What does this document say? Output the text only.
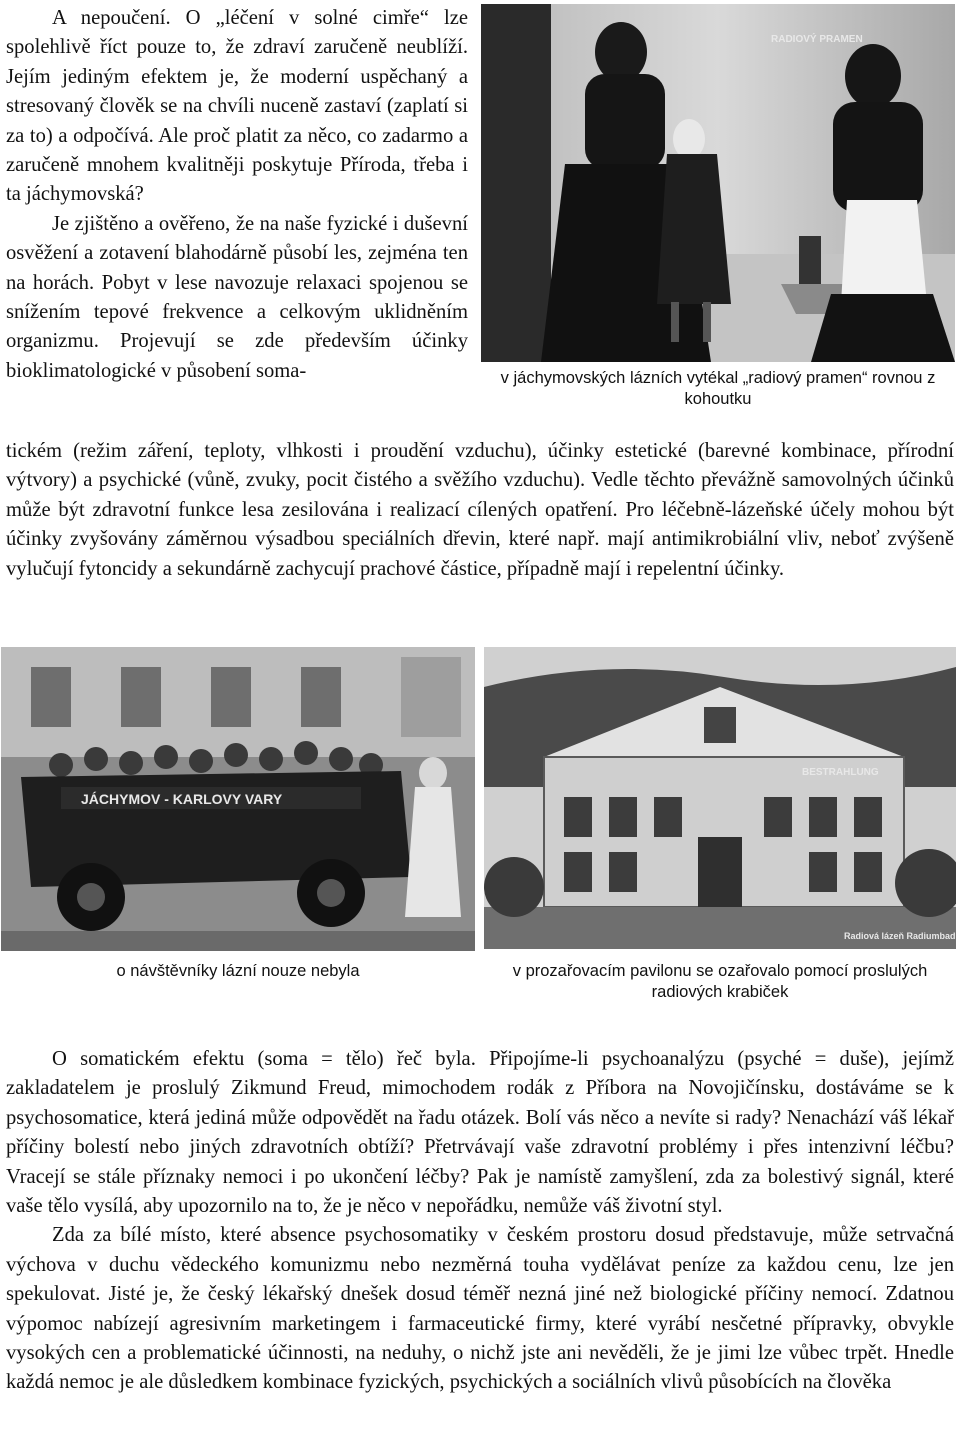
A nepoučení. O „léčení v solné cimře“ lze spolehlivě říct pouze to, že zdraví zaručeně neublíží. Jejím jediným efektem je, že moderní uspěchaný a stresovaný člověk se na chvíli nuceně zastaví (zaplatí si za to) a odpočívá. Ale proč platit za něco, co zadarmo a zaručeně mnohem kvalitněji poskytuje Příroda, třeba i ta jáchymovská?

Je zjištěno a ověřeno, že na naše fyzické i duševní osvěžení a zotavení blahodárně působí les, zejména ten na horách. Pobyt v lese navozuje relaxaci spojenou se snížením tepové frekvence a celkovým uklidněním organizmu. Projevují se zde především účinky bioklimatologické v působení soma-

RADIOVÝ PRAMEN
v jáchymovských lázních vytékal „radiový pramen“ rovnou z kohoutku

tickém (režim záření, teploty, vlhkosti i proudění vzduchu), účinky estetické (barevné kombinace, přírodní výtvory) a psychické (vůně, zvuky, pocit čistého a svěžího vzduchu). Vedle těchto převážně samovolných účinků může být zdravotní funkce lesa zesilována i realizací cílených opatření. Pro léčebně-lázeňské účely mohou být účinky zvyšovány záměrnou výsadbou speciálních dřevin, které např. mají antimikrobiální vliv, neboť zvýšeně vylučují fytoncidy a sekundárně zachycují prachové částice, případně mají i repelentní účinky.

JÁCHYMOV - KARLOVY VARY
o návštěvníky lázní nouze nebyla
BESTRAHLUNG
Radiová lázeň Radiumbad
v prozařovacím pavilonu se ozařovalo pomocí proslulých radiových krabiček

O somatickém efektu (soma = tělo) řeč byla. Připojíme-li psychoanalýzu (psyché = duše), jejímž zakladatelem je proslulý Zikmund Freud, mimochodem rodák z Příbora na Novojičínsku, dostáváme se k psychosomatice, která jediná může odpovědět na řadu otázek. Bolí vás něco a nevíte si rady? Nenachází váš lékař příčiny bolestí nebo jiných zdravotních obtíží? Přetrvávají vaše zdravotní problémy i přes intenzivní léčbu? Vracejí se stále příznaky nemoci i po ukončení léčby? Pak je namístě zamyšlení, zda za bolestivý signál, které vaše tělo vysílá, aby upozornilo na to, že je něco v nepořádku, nemůže váš životní styl.

Zda za bílé místo, které absence psychosomatiky v českém prostoru dosud představuje, může setrvačná výchova v duchu vědeckého komunizmu nebo nezměrná touha vydělávat peníze za každou cenu, lze jen spekulovat. Jisté je, že český lékařský dnešek dosud téměř nezná jiné než biologické příčiny nemocí. Zdatnou výpomoc nabízejí agresivním marketingem i farmaceutické firmy, které vyrábí nesčetné přípravky, obvykle vysokých cen a problematické účinnosti, na neduhy, o nichž jste ani nevěděli, že je jimi lze vůbec trpět. Hnedle každá nemoc je ale důsledkem kombinace fyzických, psychických a sociálních vlivů působících na člověka
